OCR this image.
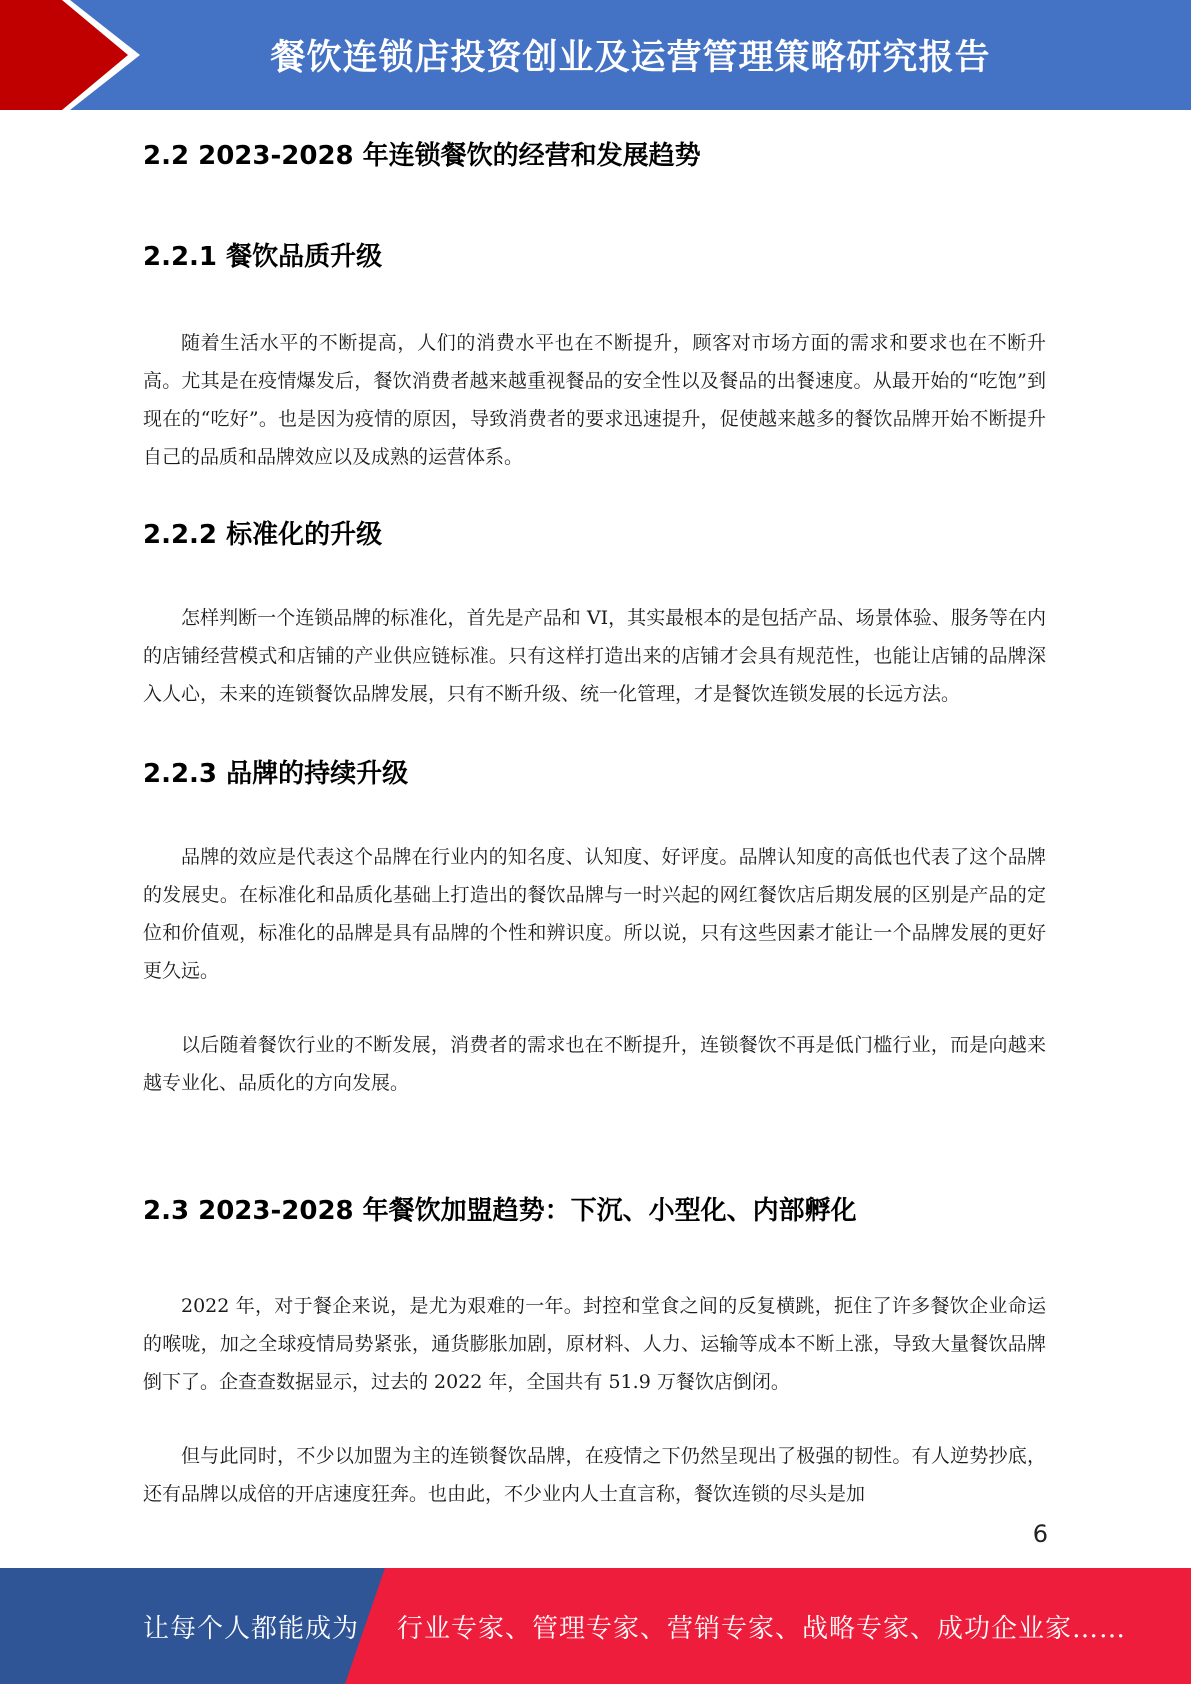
餐饮连锁店投资创业及运营管理策略研究报告
2.2 2023-2028 年连锁餐饮的经营和发展趋势
2.2.1 餐饮品质升级

随着生活水平的不断提高，人们的消费水平也在不断提升，顾客对市场方面的需求和要求也在不断升高。尤其是在疫情爆发后，餐饮消费者越来越重视餐品的安全性以及餐品的出餐速度。从最开始的“吃饱”到现在的“吃好”。也是因为疫情的原因，导致消费者的要求迅速提升，促使越来越多的餐饮品牌开始不断提升自己的品质和品牌效应以及成熟的运营体系。

2.2.2 标准化的升级

怎样判断一个连锁品牌的标准化，首先是产品和 VI，其实最根本的是包括产品、场景体验、服务等在内的店铺经营模式和店铺的产业供应链标准。只有这样打造出来的店铺才会具有规范性，也能让店铺的品牌深入人心，未来的连锁餐饮品牌发展，只有不断升级、统一化管理，才是餐饮连锁发展的长远方法。

2.2.3 品牌的持续升级

品牌的效应是代表这个品牌在行业内的知名度、认知度、好评度。品牌认知度的高低也代表了这个品牌的发展史。在标准化和品质化基础上打造出的餐饮品牌与一时兴起的网红餐饮店后期发展的区别是产品的定位和价值观，标准化的品牌是具有品牌的个性和辨识度。所以说，只有这些因素才能让一个品牌发展的更好更久远。

以后随着餐饮行业的不断发展，消费者的需求也在不断提升，连锁餐饮不再是低门槛行业，而是向越来越专业化、品质化的方向发展。

2.3 2023-2028 年餐饮加盟趋势：下沉、小型化、内部孵化

2022 年，对于餐企来说，是尤为艰难的一年。封控和堂食之间的反复横跳，扼住了许多餐饮企业命运的喉咙，加之全球疫情局势紧张，通货膨胀加剧，原材料、人力、运输等成本不断上涨，导致大量餐饮品牌倒下了。企查查数据显示，过去的 2022 年，全国共有 51.9 万餐饮店倒闭。

但与此同时，不少以加盟为主的连锁餐饮品牌，在疫情之下仍然呈现出了极强的韧性。有人逆势抄底，还有品牌以成倍的开店速度狂奔。也由此，不少业内人士直言称，餐饮连锁的尽头是加

6
让每个人都能成为 行业专家、管理专家、营销专家、战略专家、成功企业家……
